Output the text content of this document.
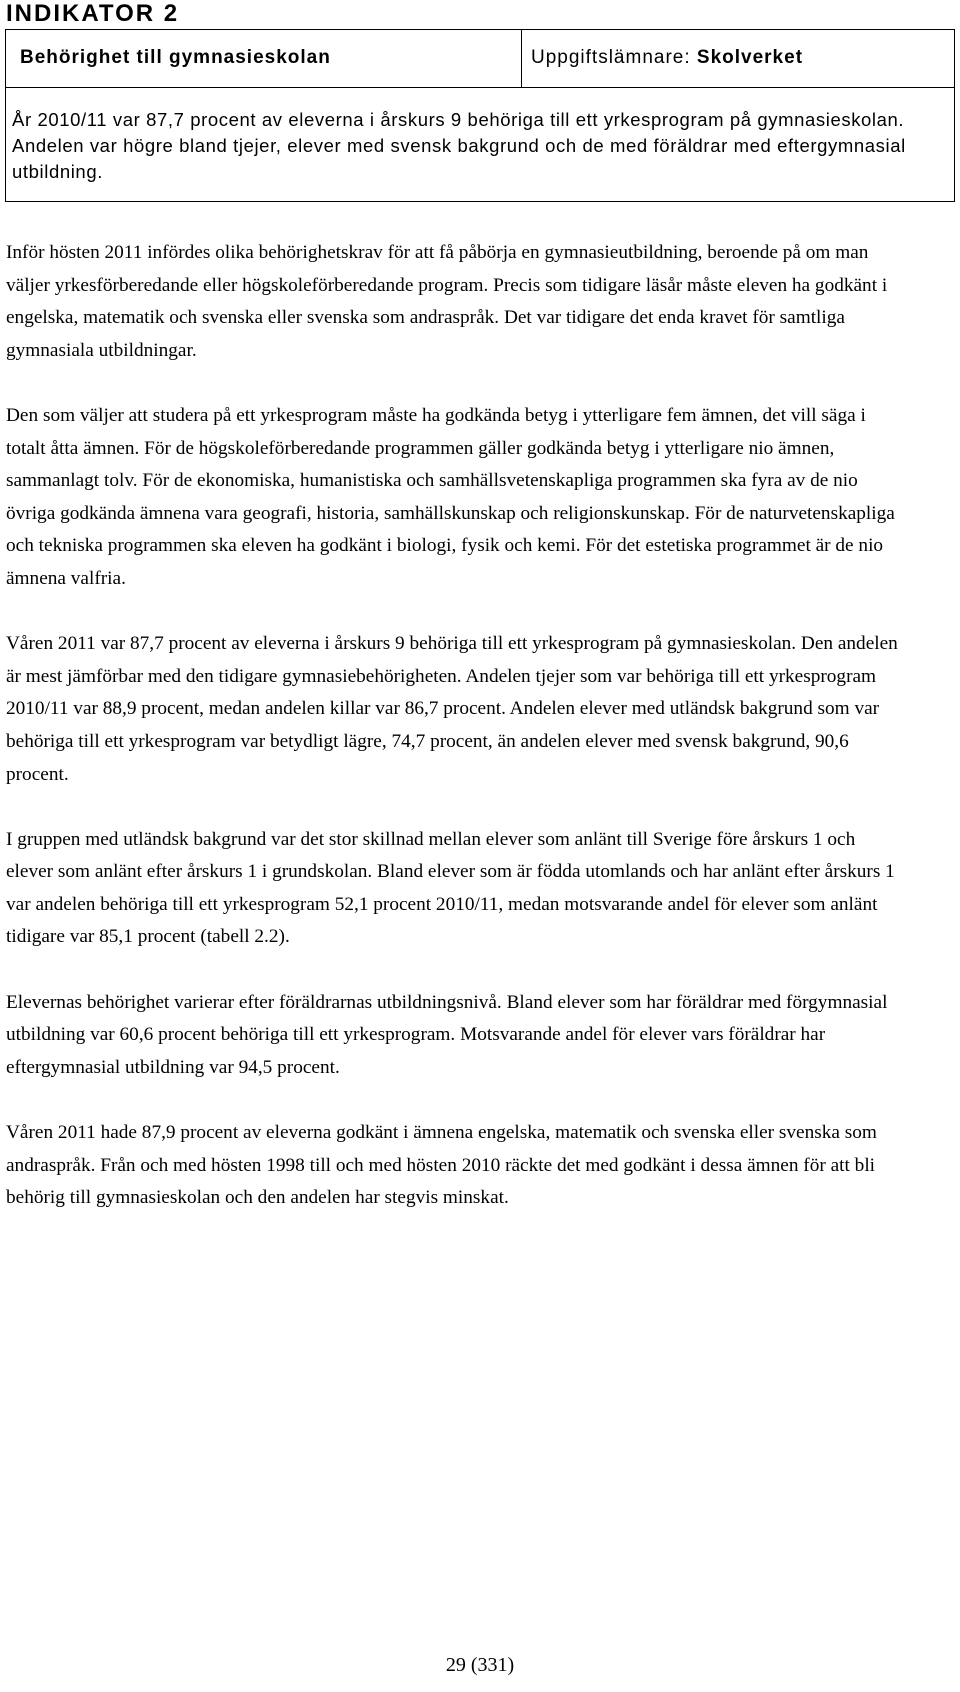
INDIKATOR 2
Behörighet till gymnasieskolan	Uppgiftslämnare: Skolverket
År 2010/11 var 87,7 procent av eleverna i årskurs 9 behöriga till ett yrkesprogram på gymnasieskolan. Andelen var högre bland tjejer, elever med svensk bakgrund och de med föräldrar med eftergymnasial utbildning.

Inför hösten 2011 infördes olika behörighetskrav för att få påbörja en gymnasieutbildning, beroende på om man väljer yrkesförberedande eller högskoleförberedande program. Precis som tidigare läsår måste eleven ha godkänt i engelska, matematik och svenska eller svenska som andraspråk. Det var tidigare det enda kravet för samtliga gymnasiala utbildningar.

Den som väljer att studera på ett yrkesprogram måste ha godkända betyg i ytterligare fem ämnen, det vill säga i totalt åtta ämnen. För de högskoleförberedande programmen gäller godkända betyg i ytterligare nio ämnen, sammanlagt tolv. För de ekonomiska, humanistiska och samhällsvetenskapliga programmen ska fyra av de nio övriga godkända ämnena vara geografi, historia, samhällskunskap och religionskunskap. För de naturvetenskapliga och tekniska programmen ska eleven ha godkänt i biologi, fysik och kemi. För det estetiska programmet är de nio ämnena valfria.

Våren 2011 var 87,7 procent av eleverna i årskurs 9 behöriga till ett yrkesprogram på gymnasieskolan. Den andelen är mest jämförbar med den tidigare gymnasiebehörigheten. Andelen tjejer som var behöriga till ett yrkesprogram 2010/11 var 88,9 procent, medan andelen killar var 86,7 procent. Andelen elever med utländsk bakgrund som var behöriga till ett yrkesprogram var betydligt lägre, 74,7 procent, än andelen elever med svensk bakgrund, 90,6 procent.

I gruppen med utländsk bakgrund var det stor skillnad mellan elever som anlänt till Sverige före årskurs 1 och elever som anlänt efter årskurs 1 i grundskolan. Bland elever som är födda utomlands och har anlänt efter årskurs 1 var andelen behöriga till ett yrkesprogram 52,1 procent 2010/11, medan motsvarande andel för elever som anlänt tidigare var 85,1 procent (tabell 2.2).

Elevernas behörighet varierar efter föräldrarnas utbildningsnivå. Bland elever som har föräldrar med förgymnasial utbildning var 60,6 procent behöriga till ett yrkesprogram. Motsvarande andel för elever vars föräldrar har eftergymnasial utbildning var 94,5 procent.

Våren 2011 hade 87,9 procent av eleverna godkänt i ämnena engelska, matematik och svenska eller svenska som andraspråk. Från och med hösten 1998 till och med hösten 2010 räckte det med godkänt i dessa ämnen för att bli behörig till gymnasieskolan och den andelen har stegvis minskat.

29 (331)
